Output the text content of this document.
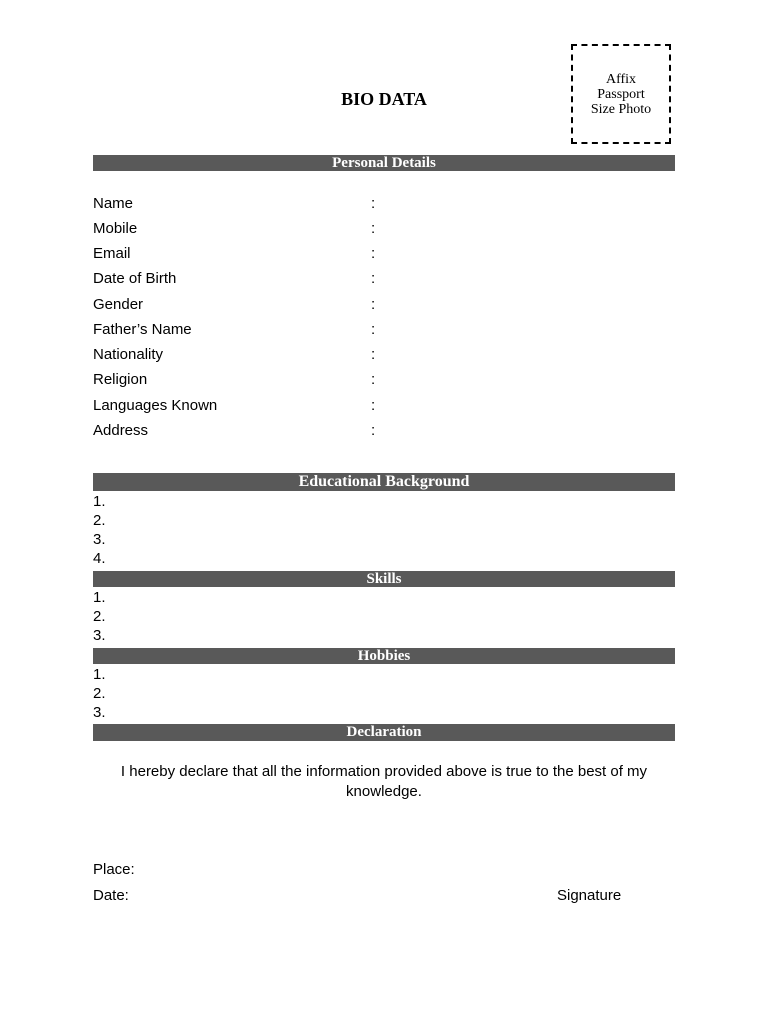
Affix
Passport
Size Photo
BIO DATA
Personal Details
Name	:
Mobile	:
Email	:
Date of Birth	:
Gender	:
Father’s Name	:
Nationality	:
Religion	:
Languages Known	:
Address	:
Educational Background
1.
2.
3.
4.
Skills
1.
2.
3.
Hobbies
1.
2.
3.
Declaration
I hereby declare that all the information provided above is true to the best of my knowledge.
Place:
Date:	Signature
